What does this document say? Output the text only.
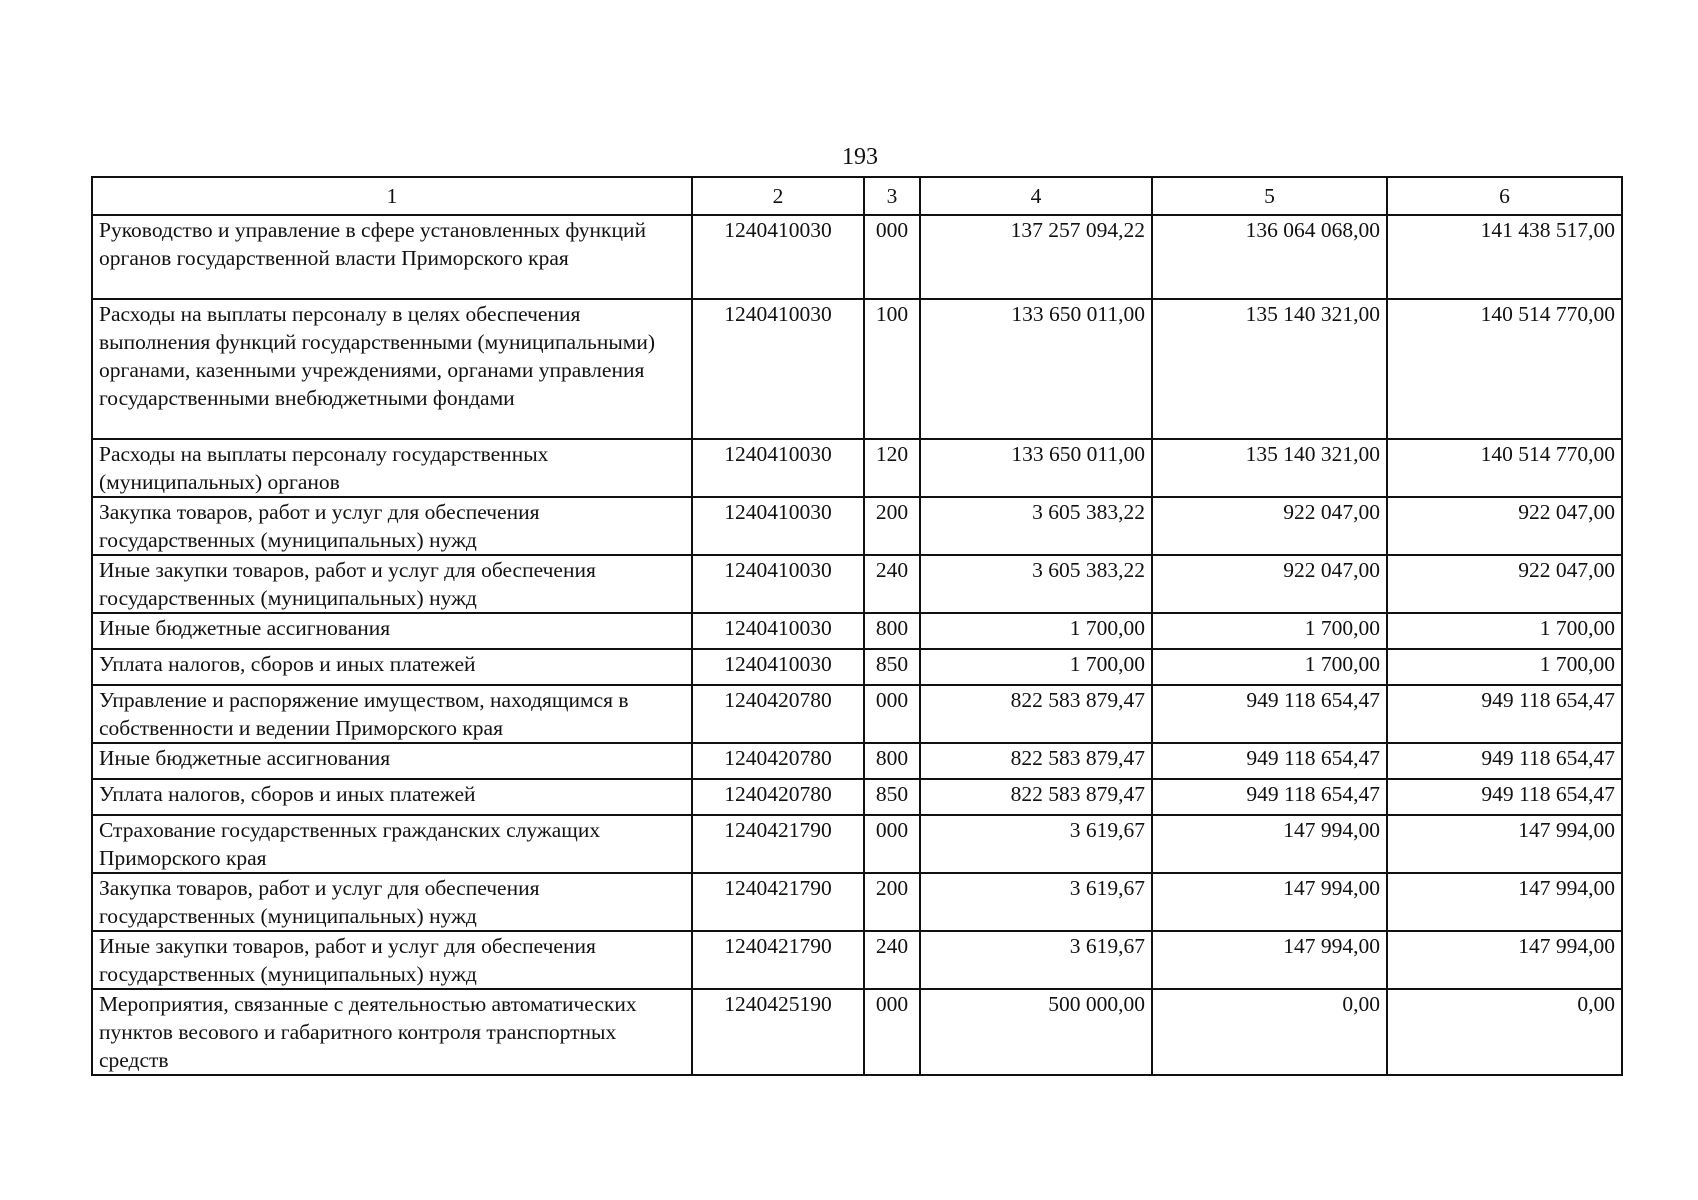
193
1	2	3	4	5	6
Руководство и управление в сфере установленных функций органов государственной власти Приморского края	1240410030	000	137 257 094,22	136 064 068,00	141 438 517,00
Расходы на выплаты персоналу в целях обеспечения выполнения функций государственными (муниципальными) органами, казенными учреждениями, органами управления государственными внебюджетными фондами	1240410030	100	133 650 011,00	135 140 321,00	140 514 770,00
Расходы на выплаты персоналу государственных (муниципальных) органов	1240410030	120	133 650 011,00	135 140 321,00	140 514 770,00
Закупка товаров, работ и услуг для обеспечения государственных (муниципальных) нужд	1240410030	200	3 605 383,22	922 047,00	922 047,00
Иные закупки товаров, работ и услуг для обеспечения государственных (муниципальных) нужд	1240410030	240	3 605 383,22	922 047,00	922 047,00
Иные бюджетные ассигнования	1240410030	800	1 700,00	1 700,00	1 700,00
Уплата налогов, сборов и иных платежей	1240410030	850	1 700,00	1 700,00	1 700,00
Управление и распоряжение имуществом, находящимся в собственности и ведении Приморского края	1240420780	000	822 583 879,47	949 118 654,47	949 118 654,47
Иные бюджетные ассигнования	1240420780	800	822 583 879,47	949 118 654,47	949 118 654,47
Уплата налогов, сборов и иных платежей	1240420780	850	822 583 879,47	949 118 654,47	949 118 654,47
Страхование государственных гражданских служащих Приморского края	1240421790	000	3 619,67	147 994,00	147 994,00
Закупка товаров, работ и услуг для обеспечения государственных (муниципальных) нужд	1240421790	200	3 619,67	147 994,00	147 994,00
Иные закупки товаров, работ и услуг для обеспечения государственных (муниципальных) нужд	1240421790	240	3 619,67	147 994,00	147 994,00
Мероприятия, связанные с деятельностью автоматических пунктов весового и габаритного контроля транспортных средств	1240425190	000	500 000,00	0,00	0,00
